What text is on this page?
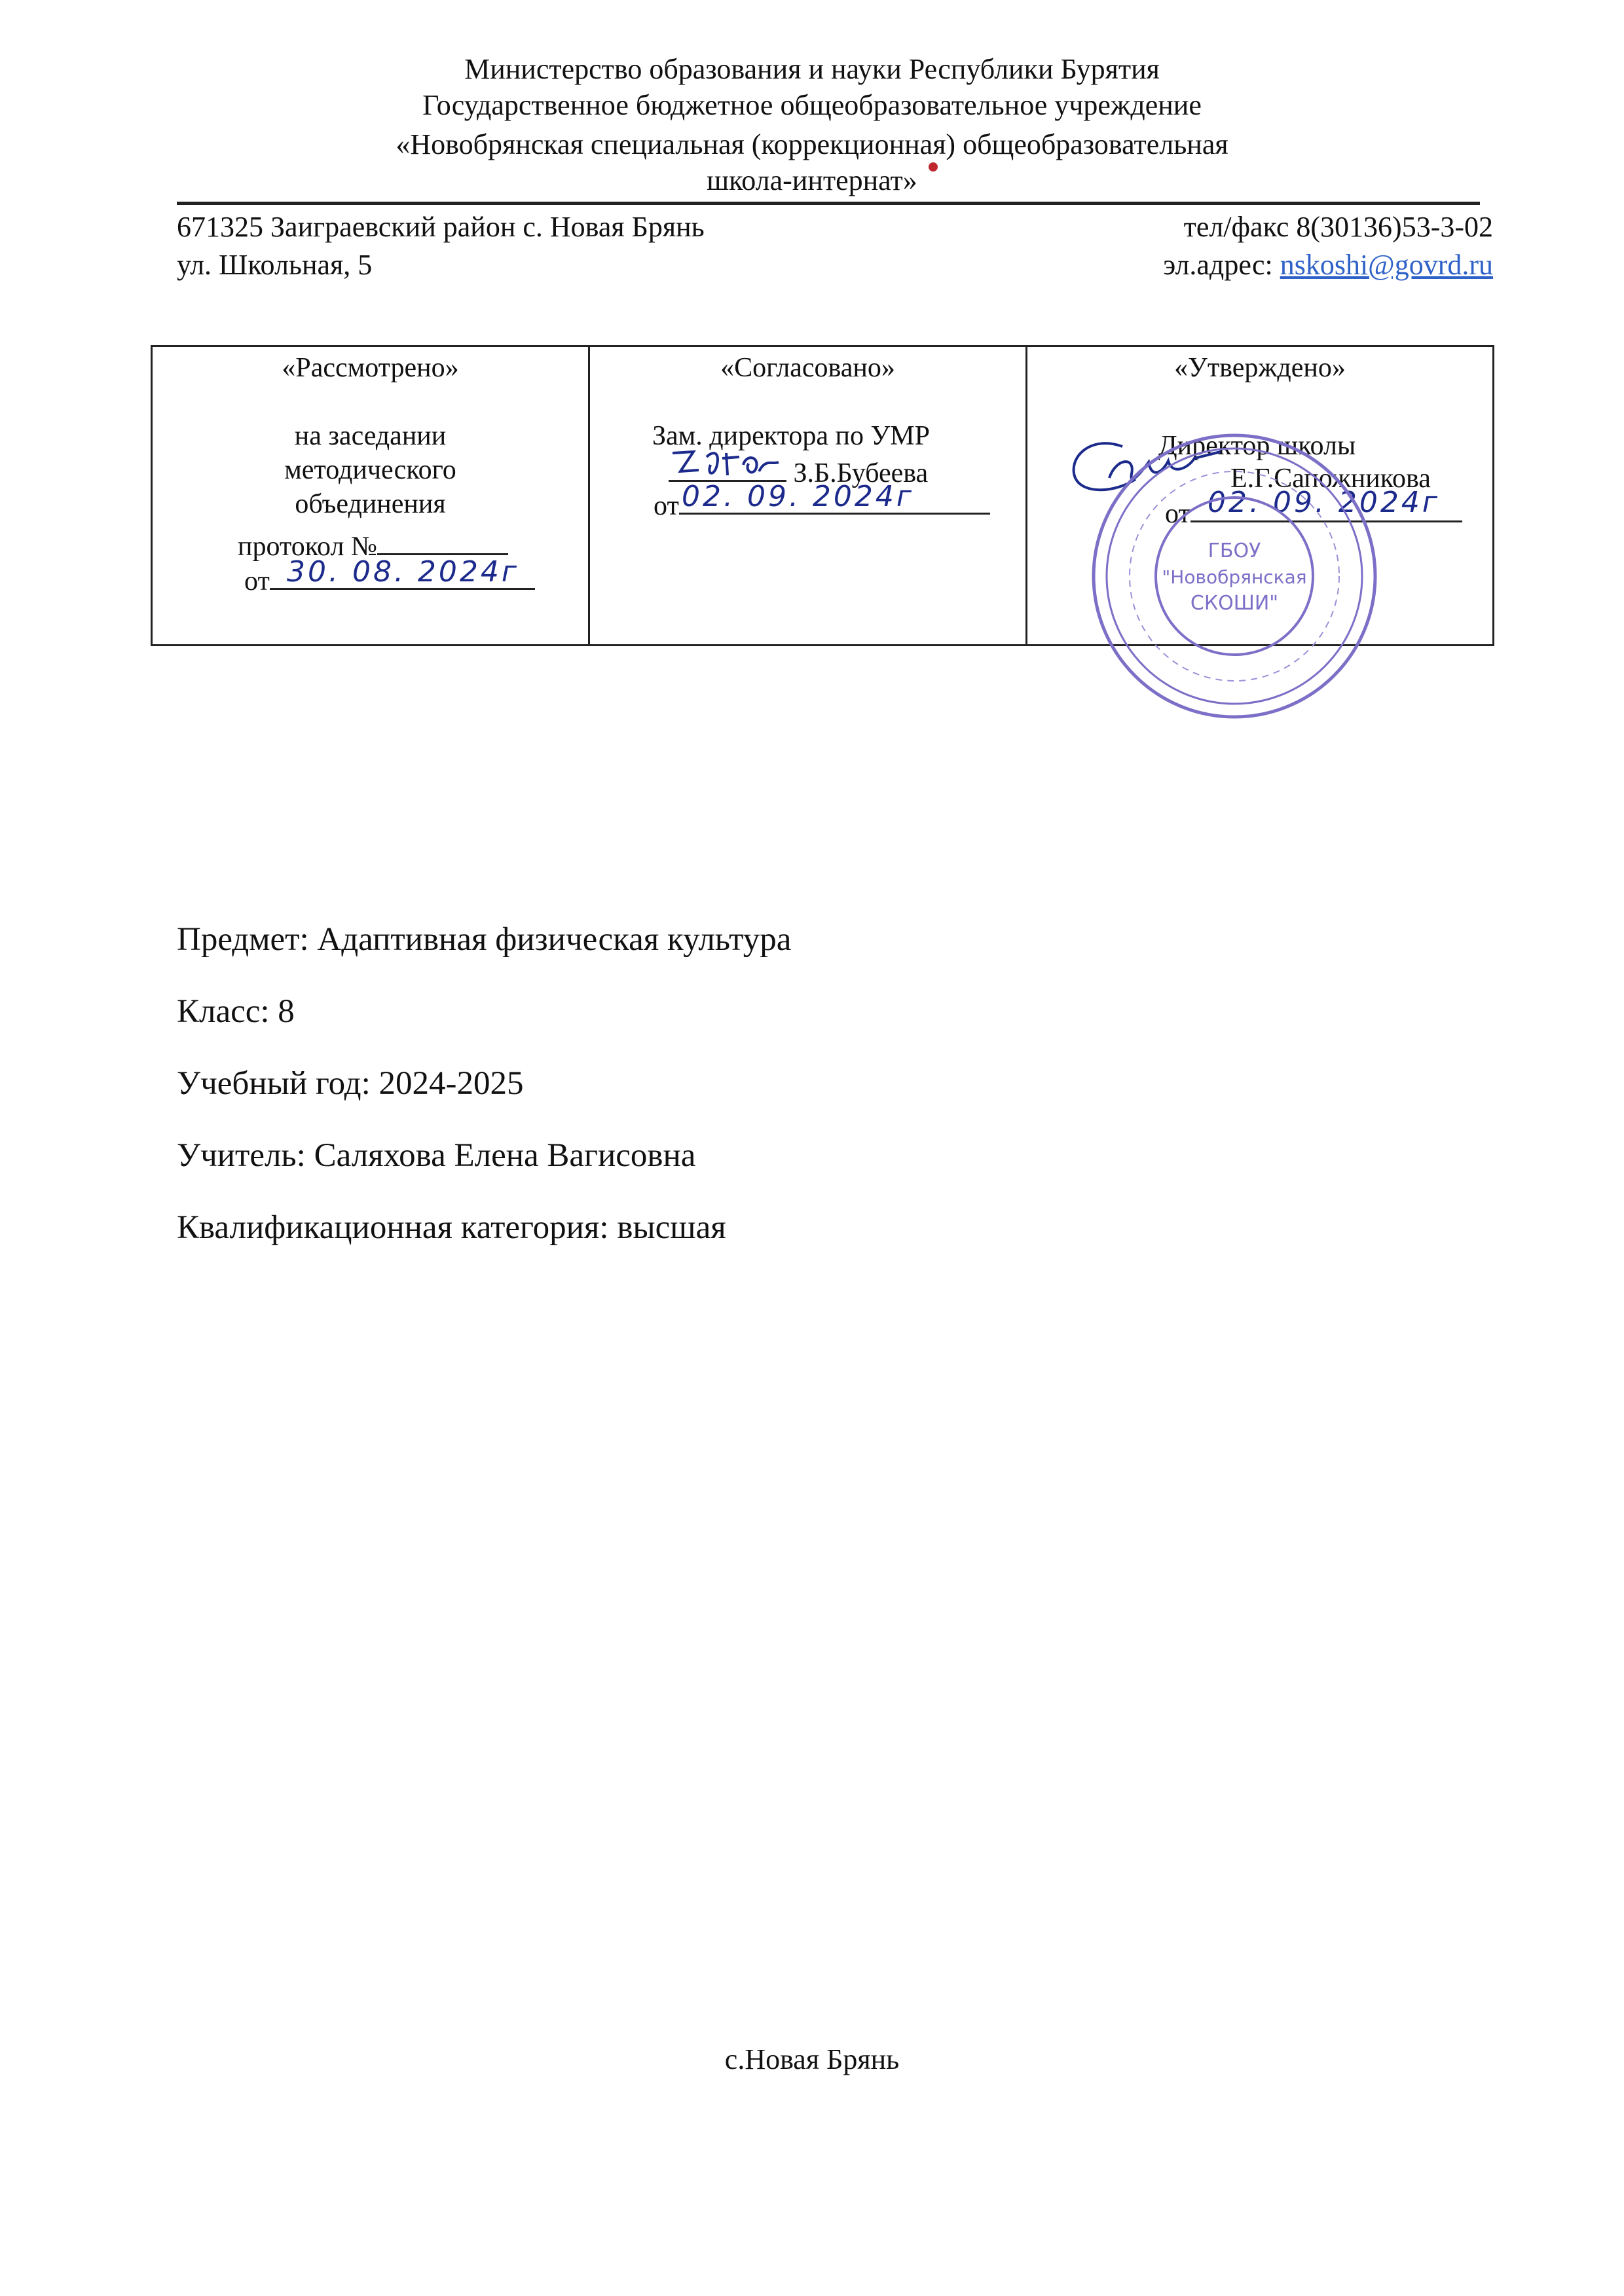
Министерство образования и науки Республики Бурятия
Государственное бюджетное общеобразовательное учреждение
«Новобрянская специальная (коррекционная) общеобразовательная
школа-интернат»
671325 Заиграевский район с. Новая Брянь
ул. Школьная, 5
тел/факс 8(30136)53-3-02
эл.адрес: nskoshi@govrd.ru
«Рассмотрено»
на заседании
методического
объединения
протокол №
от 30. 08. 2024г

«Согласовано»
Зам. директора по УМР
З.Б.Бубеева
от 02. 09. 2024г

«Утверждено»
Директор школы
Е.Г.Сапожникова
от 02. 09. 2024г
ГБОУ
"Новобрянская
СКОШИ"
Предмет: Адаптивная физическая культура
Класс: 8
Учебный год: 2024-2025
Учитель: Саляхова Елена Вагисовна
Квалификационная категория: высшая
с.Новая Брянь
